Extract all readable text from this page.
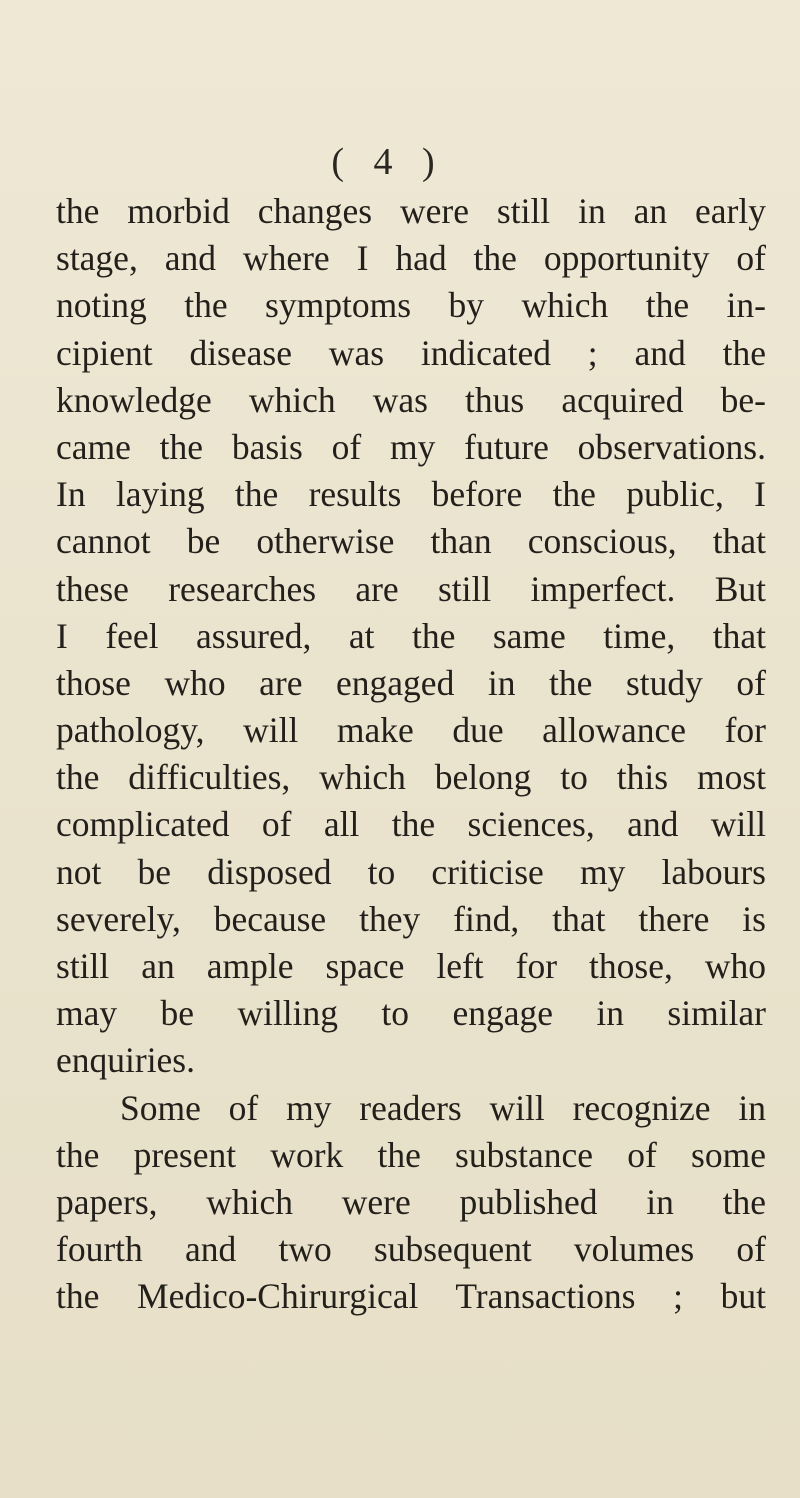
( 4 )
the morbid changes were still in an early
stage, and where I had the opportunity of
noting the symptoms by which the in-
cipient disease was indicated ; and the
knowledge which was thus acquired be-
came the basis of my future observations.
In laying the results before the public, I
cannot be otherwise than conscious, that
these researches are still imperfect. But
I feel assured, at the same time, that
those who are engaged in the study of
pathology, will make due allowance for
the difficulties, which belong to this most
complicated of all the sciences, and will
not be disposed to criticise my labours
severely, because they find, that there is
still an ample space left for those, who
may be willing to engage in similar
enquiries.
Some of my readers will recognize in
the present work the substance of some
papers, which were published in the
fourth and two subsequent volumes of
the Medico-Chirurgical Transactions ; but
